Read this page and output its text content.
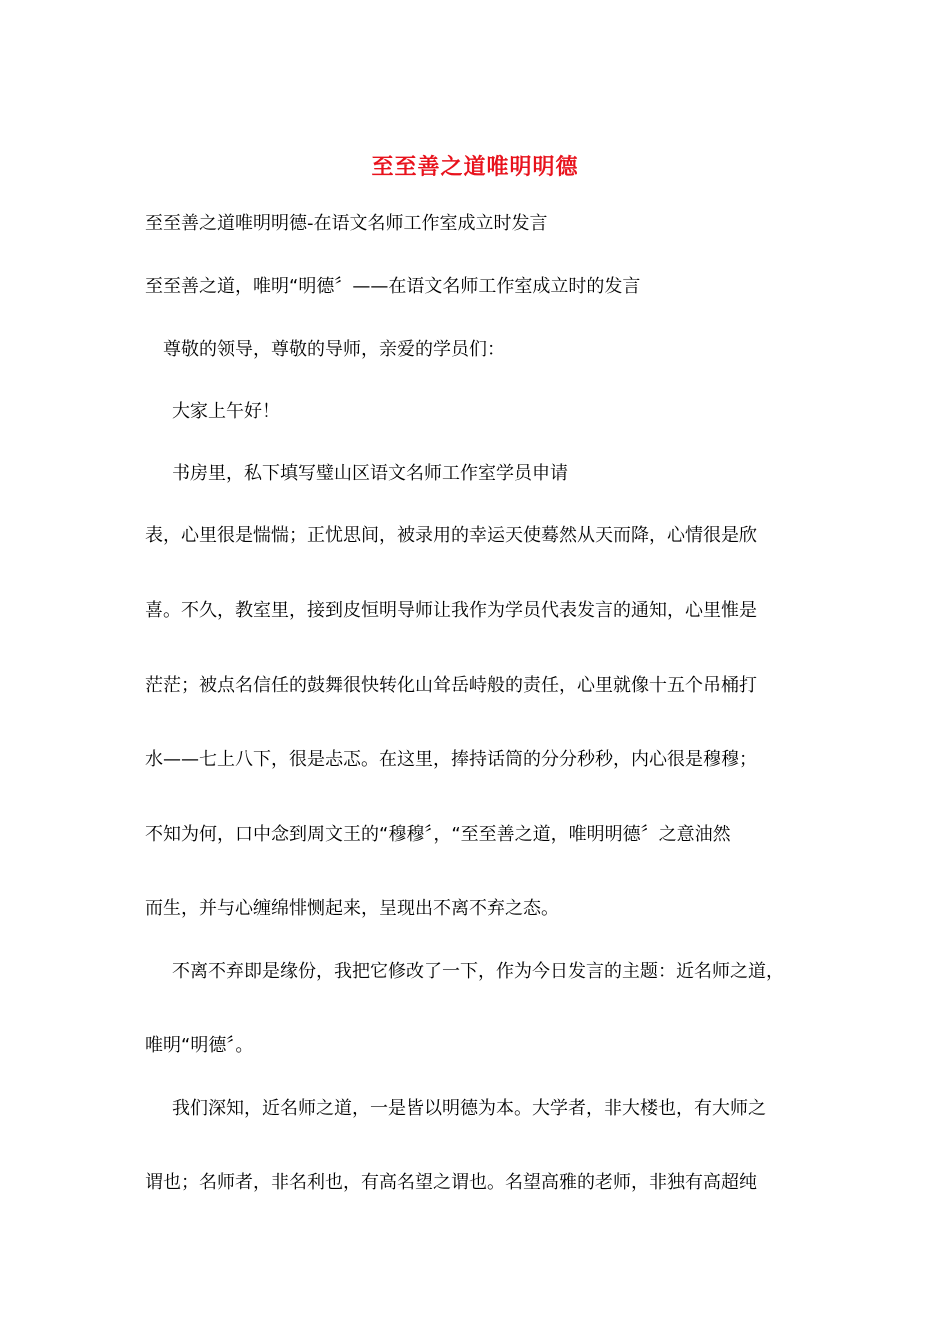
至至善之道唯明明德

至至善之道唯明明德-在语文名师工作室成立时发言

至至善之道，唯明“明德〞——在语文名师工作室成立时的发言

尊敬的领导，尊敬的导师，亲爱的学员们：

大家上午好！

书房里，私下填写璧山区语文名师工作室学员申请

表，心里很是惴惴；正忧思间，被录用的幸运天使蓦然从天而降，心情很是欣

喜。不久，教室里，接到皮恒明导师让我作为学员代表发言的通知，心里惟是

茫茫；被点名信任的鼓舞很快转化山耸岳峙般的责任，心里就像十五个吊桶打

水——七上八下，很是忐忑。在这里，捧持话筒的分分秒秒，内心很是穆穆；

不知为何，口中念到周文王的“穆穆〞，“至至善之道，唯明明德〞之意油然

而生，并与心缠绵悱恻起来，呈现出不离不弃之态。

不离不弃即是缘份，我把它修改了一下，作为今日发言的主题：近名师之道，

唯明“明德〞。

我们深知，近名师之道，一是皆以明德为本。大学者，非大楼也，有大师之

谓也；名师者，非名利也，有高名望之谓也。名望高雅的老师，非独有高超纯
